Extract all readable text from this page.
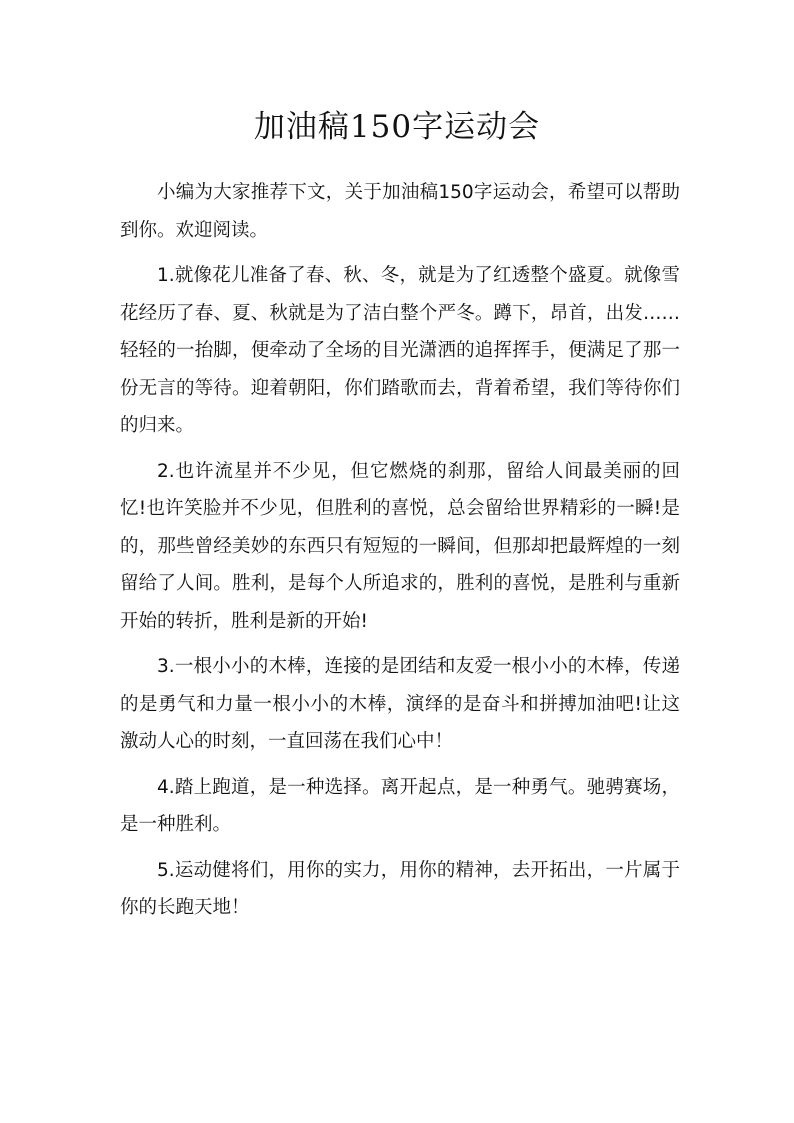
加油稿150字运动会

小编为大家推荐下文，关于加油稿150字运动会，希望可以帮助到你。欢迎阅读。

1.就像花儿准备了春、秋、冬，就是为了红透整个盛夏。就像雪花经历了春、夏、秋就是为了洁白整个严冬。蹲下，昂首，出发……轻轻的一抬脚，便牵动了全场的目光潇洒的追挥挥手，便满足了那一份无言的等待。迎着朝阳，你们踏歌而去，背着希望，我们等待你们的归来。

2.也许流星并不少见，但它燃烧的刹那，留给人间最美丽的回忆!也许笑脸并不少见，但胜利的喜悦，总会留给世界精彩的一瞬!是的，那些曾经美妙的东西只有短短的一瞬间，但那却把最辉煌的一刻留给了人间。胜利，是每个人所追求的，胜利的喜悦，是胜利与重新开始的转折，胜利是新的开始!

3.一根小小的木棒，连接的是团结和友爱一根小小的木棒，传递的是勇气和力量一根小小的木棒，演绎的是奋斗和拼搏加油吧!让这激动人心的时刻，一直回荡在我们心中！

4.踏上跑道，是一种选择。离开起点，是一种勇气。驰骋赛场，是一种胜利。

5.运动健将们，用你的实力，用你的精神，去开拓出，一片属于你的长跑天地！
